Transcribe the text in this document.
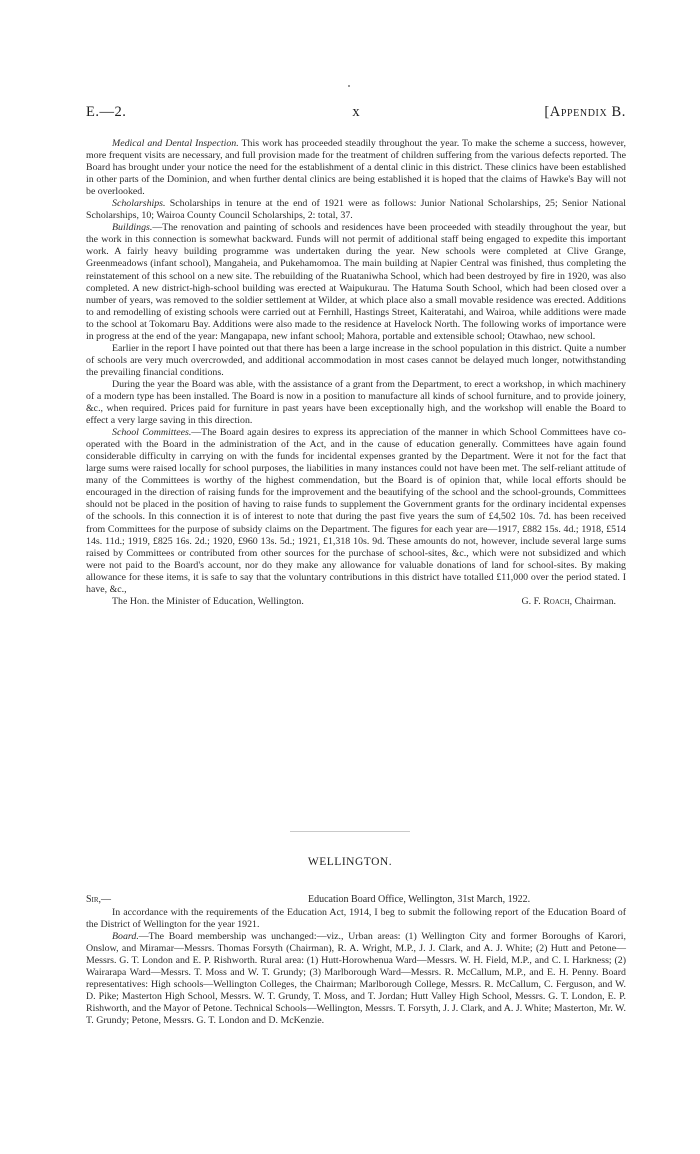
E.—2.	x	[Appendix B.

Medical and Dental Inspection. This work has proceeded steadily throughout the year. To make the scheme a success, however, more frequent visits are necessary, and full provision made for the treatment of children suffering from the various defects reported. The Board has brought under your notice the need for the establishment of a dental clinic in this district. These clinics have been established in other parts of the Dominion, and when further dental clinics are being established it is hoped that the claims of Hawke's Bay will not be overlooked.

Scholarships. Scholarships in tenure at the end of 1921 were as follows: Junior National Scholarships, 25; Senior National Scholarships, 10; Wairoa County Council Scholarships, 2: total, 37.

Buildings.—The renovation and painting of schools and residences have been proceeded with steadily throughout the year, but the work in this connection is somewhat backward. Funds will not permit of additional staff being engaged to expedite this important work. A fairly heavy building programme was undertaken during the year. New schools were completed at Clive Grange, Greenmeadows (infant school), Mangaheia, and Pukehamomoa. The main building at Napier Central was finished, thus completing the reinstatement of this school on a new site. The rebuilding of the Ruataniwha School, which had been destroyed by fire in 1920, was also completed. A new district-high-school building was erected at Waipukurau. The Hatuma South School, which had been closed over a number of years, was removed to the soldier settlement at Wilder, at which place also a small movable residence was erected. Additions to and remodelling of existing schools were carried out at Fernhill, Hastings Street, Kaiteratahi, and Wairoa, while additions were made to the school at Tokomaru Bay. Additions were also made to the residence at Havelock North. The following works of importance were in progress at the end of the year: Mangapapa, new infant school; Mahora, portable and extensible school; Otawhao, new school.

Earlier in the report I have pointed out that there has been a large increase in the school population in this district. Quite a number of schools are very much overcrowded, and additional accommodation in most cases cannot be delayed much longer, notwithstanding the prevailing financial conditions.

During the year the Board was able, with the assistance of a grant from the Department, to erect a workshop, in which machinery of a modern type has been installed. The Board is now in a position to manufacture all kinds of school furniture, and to provide joinery, &c., when required. Prices paid for furniture in past years have been exceptionally high, and the workshop will enable the Board to effect a very large saving in this direction.

School Committees.—The Board again desires to express its appreciation of the manner in which School Committees have co-operated with the Board in the administration of the Act, and in the cause of education generally. Committees have again found considerable difficulty in carrying on with the funds for incidental expenses granted by the Department. Were it not for the fact that large sums were raised locally for school purposes, the liabilities in many instances could not have been met. The self-reliant attitude of many of the Committees is worthy of the highest commendation, but the Board is of opinion that, while local efforts should be encouraged in the direction of raising funds for the improvement and the beautifying of the school and the school-grounds, Committees should not be placed in the position of having to raise funds to supplement the Government grants for the ordinary incidental expenses of the schools. In this connection it is of interest to note that during the past five years the sum of £4,502 10s. 7d. has been received from Committees for the purpose of subsidy claims on the Department. The figures for each year are—1917, £882 15s. 4d.; 1918, £514 14s. 11d.; 1919, £825 16s. 2d.; 1920, £960 13s. 5d.; 1921, £1,318 10s. 9d. These amounts do not, however, include several large sums raised by Committees or contributed from other sources for the purchase of school-sites, &c., which were not subsidized and which were not paid to the Board's account, nor do they make any allowance for valuable donations of land for school-sites. By making allowance for these items, it is safe to say that the voluntary contributions in this district have totalled £11,000 over the period stated. I have, &c.,

The Hon. the Minister of Education, Wellington.	G. F. Roach, Chairman.
WELLINGTON.
Sir,—	Education Board Office, Wellington, 31st March, 1922.

In accordance with the requirements of the Education Act, 1914, I beg to submit the following report of the Education Board of the District of Wellington for the year 1921.

Board.—The Board membership was unchanged:—viz., Urban areas: (1) Wellington City and former Boroughs of Karori, Onslow, and Miramar—Messrs. Thomas Forsyth (Chairman), R. A. Wright, M.P., J. J. Clark, and A. J. White; (2) Hutt and Petone—Messrs. G. T. London and E. P. Rishworth. Rural area: (1) Hutt-Horowhenua Ward—Messrs. W. H. Field, M.P., and C. I. Harkness; (2) Wairarapa Ward—Messrs. T. Moss and W. T. Grundy; (3) Marlborough Ward—Messrs. R. McCallum, M.P., and E. H. Penny. Board representatives: High schools—Wellington Colleges, the Chairman; Marlborough College, Messrs. R. McCallum, C. Ferguson, and W. D. Pike; Masterton High School, Messrs. W. T. Grundy, T. Moss, and T. Jordan; Hutt Valley High School, Messrs. G. T. London, E. P. Rishworth, and the Mayor of Petone. Technical Schools—Wellington, Messrs. T. Forsyth, J. J. Clark, and A. J. White; Masterton, Mr. W. T. Grundy; Petone, Messrs. G. T. London and D. McKenzie.
